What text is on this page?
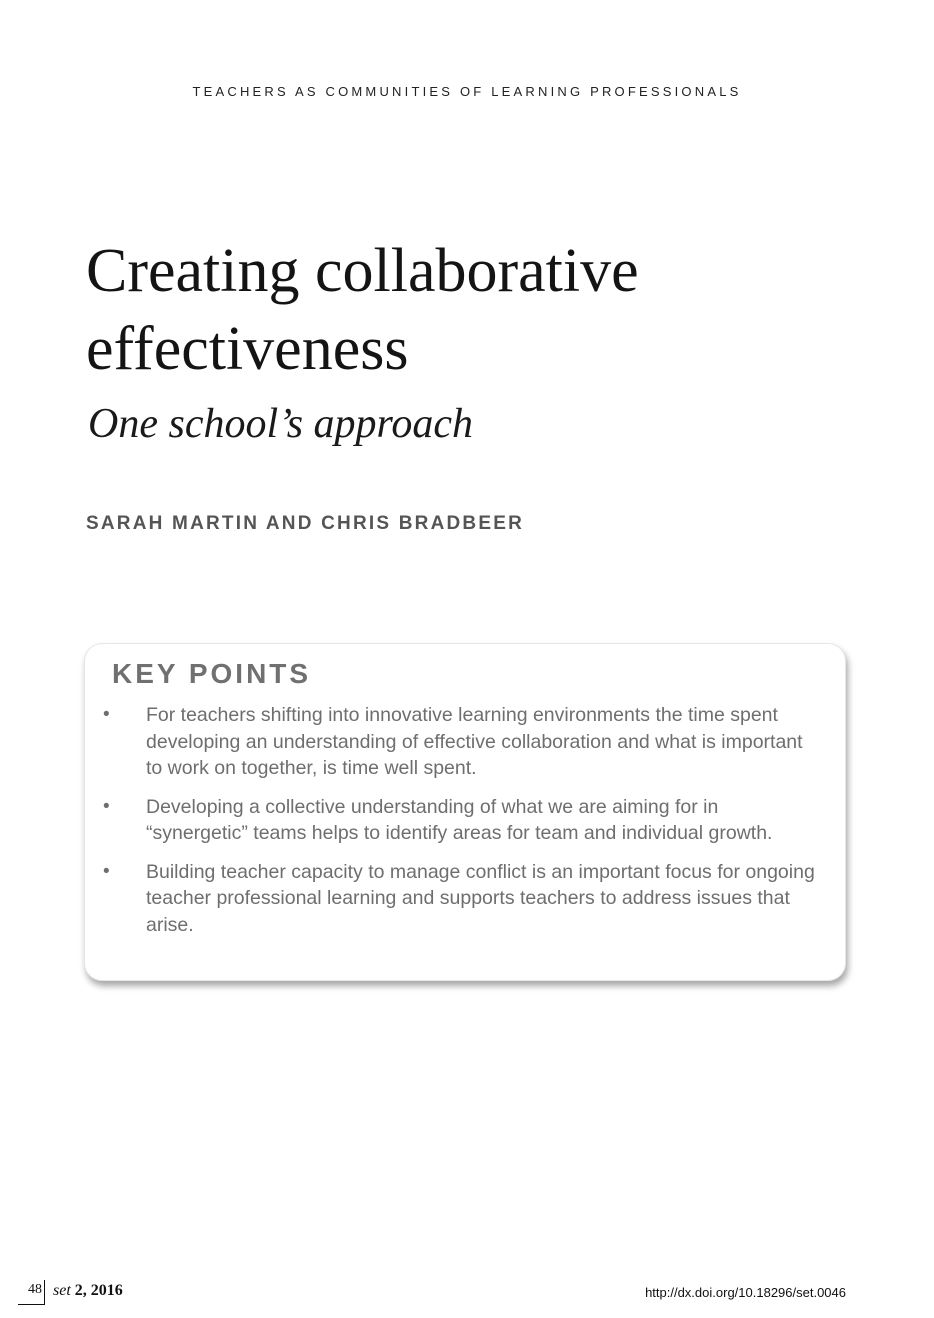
TEACHERS AS COMMUNITIES OF LEARNING PROFESSIONALS
Creating collaborative effectiveness
One school’s approach
SARAH MARTIN AND CHRIS BRADBEER
KEY POINTS
• For teachers shifting into innovative learning environments the time spent developing an understanding of effective collaboration and what is important to work on together, is time well spent.
• Developing a collective understanding of what we are aiming for in “synergetic” teams helps to identify areas for team and individual growth.
• Building teacher capacity to manage conflict is an important focus for ongoing teacher professional learning and supports teachers to address issues that arise.
48 set 2, 2016	http://dx.doi.org/10.18296/set.0046
